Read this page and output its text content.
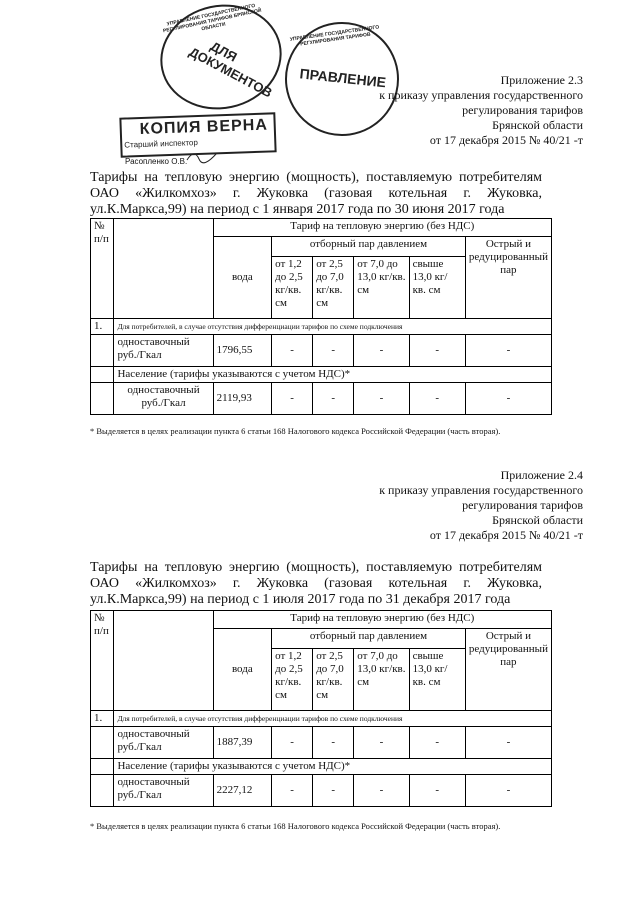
УПРАВЛЕНИЕ ГОСУДАРСТВЕННОГО РЕГУЛИРОВАНИЯ ТАРИФОВ БРЯНСКОЙ ОБЛАСТИ
ДЛЯ ДОКУМЕНТОВ
УПРАВЛЕНИЕ ГОСУДАРСТВЕННОГО РЕГУЛИРОВАНИЯ ТАРИФОВ
ПРАВЛЕНИЕ
КОПИЯ ВЕРНА
Старший инспектор
Расопленко О.В.
Приложение 2.3
к приказу управления государственного
регулирования тарифов
Брянской области
от 17 декабря 2015 № 40/21 -т
Тарифы на тепловую энергию (мощность), поставляемую потребителям
ОАО «Жилкомхоз» г. Жуковка (газовая котельная г. Жуковка,
ул.К.Маркса,99) на период с 1 января 2017 года по 30 июня 2017 года
№ п/п		Тариф на тепловую энергию (без НДС)					
		вода	отборный пар давлением				Острый и редуцированный пар
			от 1,2 до 2,5 кг/кв. см	от 2,5 до 7,0 кг/кв. см	от 7,0 до 13,0 кг/кв. см	свыше 13,0 кг/ кв. см	
1.	Для потребителей, в случае отсутствия дифференциации тарифов по схеме подключения						
	одноставочный руб./Гкал	1796,55	-	-	-	-	-
	Население (тарифы указываются с учетом НДС)*						
	одноставочный руб./Гкал	2119,93	-	-	-	-	-
* Выделяется в целях реализации пункта 6 статьи 168 Налогового кодекса Российской Федерации (часть вторая).
Приложение 2.4
к приказу управления государственного
регулирования тарифов
Брянской области
от 17 декабря 2015 № 40/21 -т
Тарифы на тепловую энергию (мощность), поставляемую потребителям
ОАО «Жилкомхоз» г. Жуковка (газовая котельная г. Жуковка,
ул.К.Маркса,99) на период с 1 июля 2017 года по 31 декабря 2017 года
№ п/п		Тариф на тепловую энергию (без НДС)					
		вода	отборный пар давлением				Острый и редуцированный пар
			от 1,2 до 2,5 кг/кв. см	от 2,5 до 7,0 кг/кв. см	от 7,0 до 13,0 кг/кв. см	свыше 13,0 кг/ кв. см	
1.	Для потребителей, в случае отсутствия дифференциации тарифов по схеме подключения						
	одноставочный руб./Гкал	1887,39	-	-	-	-	-
	Население (тарифы указываются с учетом НДС)*						
	одноставочный руб./Гкал	2227,12	-	-	-	-	-
* Выделяется в целях реализации пункта 6 статьи 168 Налогового кодекса Российской Федерации (часть вторая).
